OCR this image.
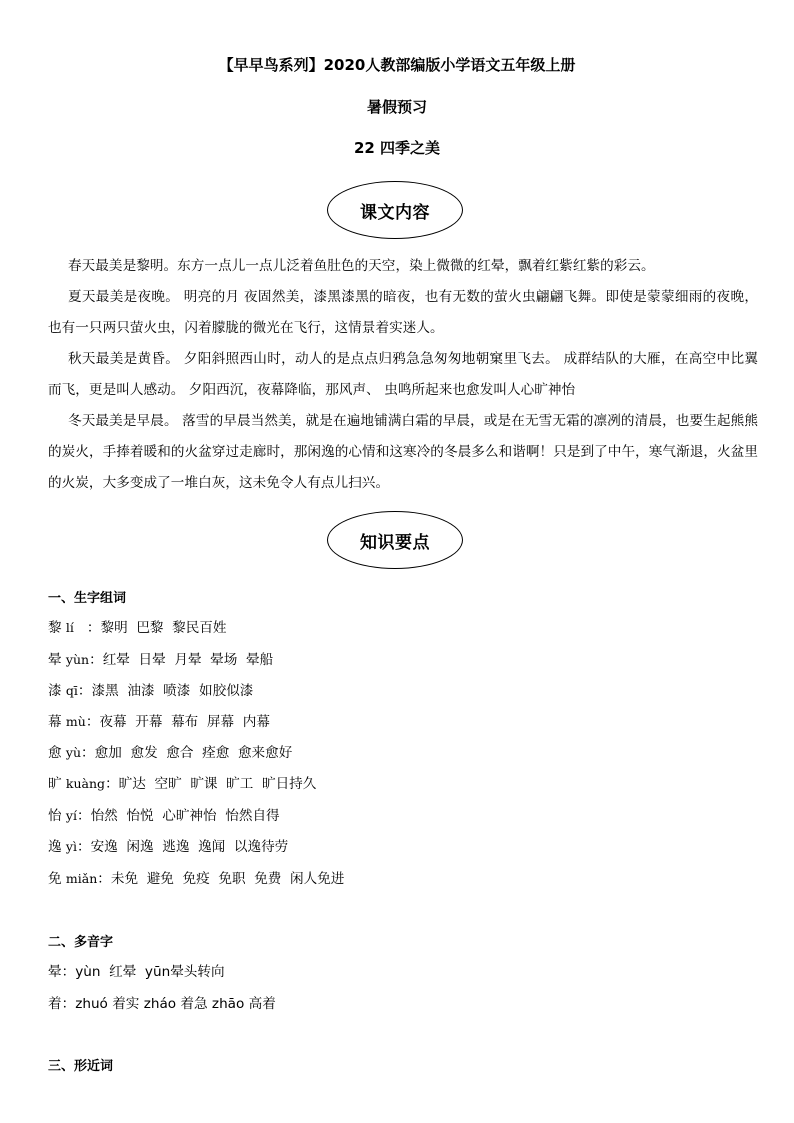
【早早鸟系列】2020人教部编版小学语文五年级上册
暑假预习
22 四季之美
课文内容
春天最美是黎明。东方一点儿一点儿泛着鱼肚色的天空，染上微微的红晕，飘着红紫红紫的彩云。
夏天最美是夜晚。 明亮的月 夜固然美，漆黑漆黑的暗夜，也有无数的萤火虫翩翩飞舞。即使是蒙蒙细雨的夜晚，也有一只两只萤火虫，闪着朦胧的微光在飞行，这情景着实迷人。
秋天最美是黄昏。 夕阳斜照西山时，动人的是点点归鸦急急匆匆地朝窠里飞去。 成群结队的大雁，在高空中比翼而飞，更是叫人感动。 夕阳西沉，夜幕降临，那风声、 虫鸣所起来也愈发叫人心旷神怡
冬天最美是早晨。 落雪的早晨当然美，就是在遍地铺满白霜的早晨，或是在无雪无霜的凛冽的清晨，也要生起熊熊的炭火，手捧着暖和的火盆穿过走廊时，那闲逸的心情和这寒冷的冬晨多么和谐啊！只是到了中午，寒气渐退，火盆里的火炭，大多变成了一堆白灰，这未免令人有点儿扫兴。
知识要点
一、生字组词
黎 lí   ：黎明  巴黎  黎民百姓
晕 yùn：红晕  日晕  月晕  晕场  晕船
漆 qī：漆黑  油漆  喷漆  如胶似漆
幕 mù：夜幕  开幕  幕布  屏幕  内幕
愈 yù：愈加  愈发  愈合  痊愈  愈来愈好
旷 kuàng：旷达  空旷  旷课  旷工  旷日持久
怡 yí：怡然  怡悦  心旷神怡  怡然自得
逸 yì：安逸  闲逸  逃逸  逸闻  以逸待劳
免 miǎn：未免  避免  免疫  免职  免费  闲人免进
二、多音字
晕：yùn  红晕  yūn晕头转向
着：zhuó 着实 zháo 着急 zhāo 高着
三、形近词
